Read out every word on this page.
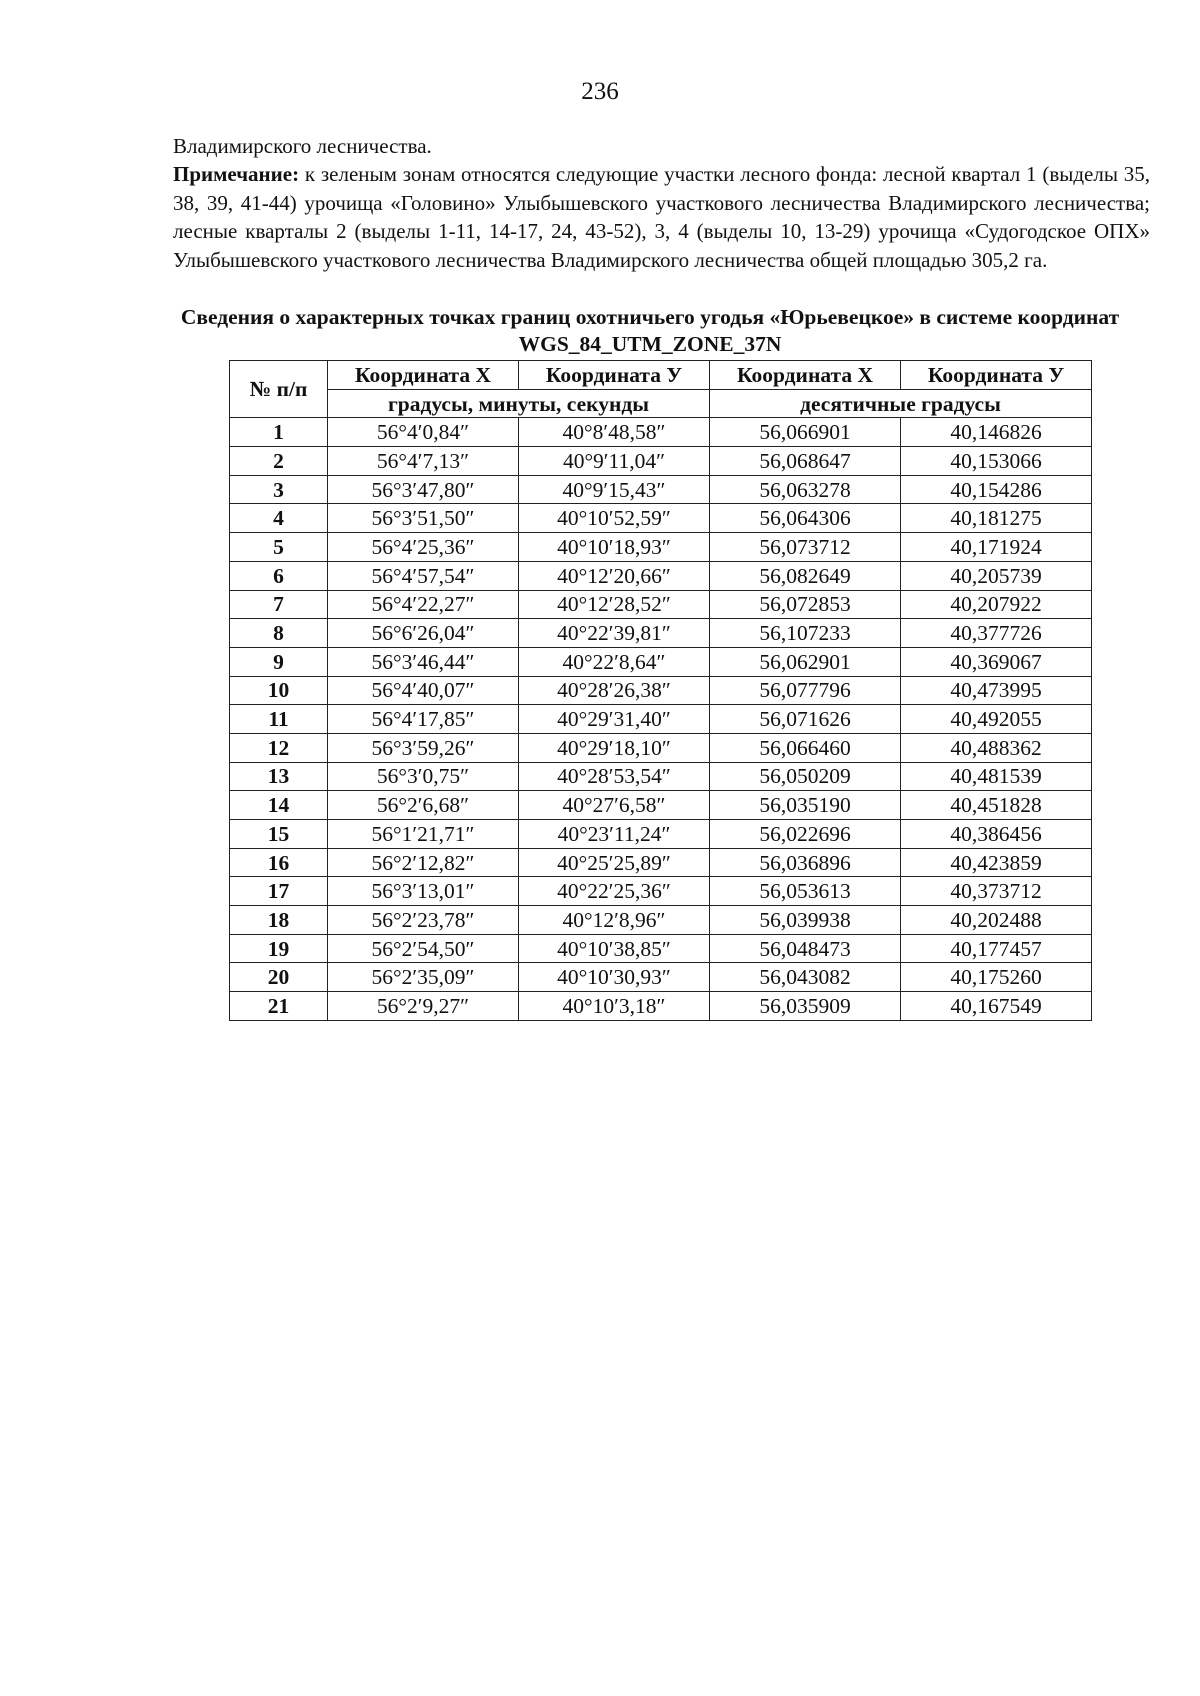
236

Владимирского лесничества.

Примечание: к зеленым зонам относятся следующие участки лесного фонда: лесной квартал 1 (выделы 35, 38, 39, 41-44) урочища «Головино» Улыбышевского участкового лесничества Владимирского лесничества; лесные кварталы 2 (выделы 1-11, 14-17, 24, 43-52), 3, 4 (выделы 10, 13-29) урочища «Судогодское ОПХ» Улыбышевского участкового лесничества Владимирского лесничества общей площадью 305,2 га.

Сведения о характерных точках границ охотничьего угодья «Юрьевецкое» в системе координат WGS_84_UTM_ZONE_37N
№ п/п	Координата X	Координата У	Координата X	Координата У
	градусы, минуты, секунды		десятичные градусы	
1	56°4′0,84″	40°8′48,58″	56,066901	40,146826
2	56°4′7,13″	40°9′11,04″	56,068647	40,153066
3	56°3′47,80″	40°9′15,43″	56,063278	40,154286
4	56°3′51,50″	40°10′52,59″	56,064306	40,181275
5	56°4′25,36″	40°10′18,93″	56,073712	40,171924
6	56°4′57,54″	40°12′20,66″	56,082649	40,205739
7	56°4′22,27″	40°12′28,52″	56,072853	40,207922
8	56°6′26,04″	40°22′39,81″	56,107233	40,377726
9	56°3′46,44″	40°22′8,64″	56,062901	40,369067
10	56°4′40,07″	40°28′26,38″	56,077796	40,473995
11	56°4′17,85″	40°29′31,40″	56,071626	40,492055
12	56°3′59,26″	40°29′18,10″	56,066460	40,488362
13	56°3′0,75″	40°28′53,54″	56,050209	40,481539
14	56°2′6,68″	40°27′6,58″	56,035190	40,451828
15	56°1′21,71″	40°23′11,24″	56,022696	40,386456
16	56°2′12,82″	40°25′25,89″	56,036896	40,423859
17	56°3′13,01″	40°22′25,36″	56,053613	40,373712
18	56°2′23,78″	40°12′8,96″	56,039938	40,202488
19	56°2′54,50″	40°10′38,85″	56,048473	40,177457
20	56°2′35,09″	40°10′30,93″	56,043082	40,175260
21	56°2′9,27″	40°10′3,18″	56,035909	40,167549
